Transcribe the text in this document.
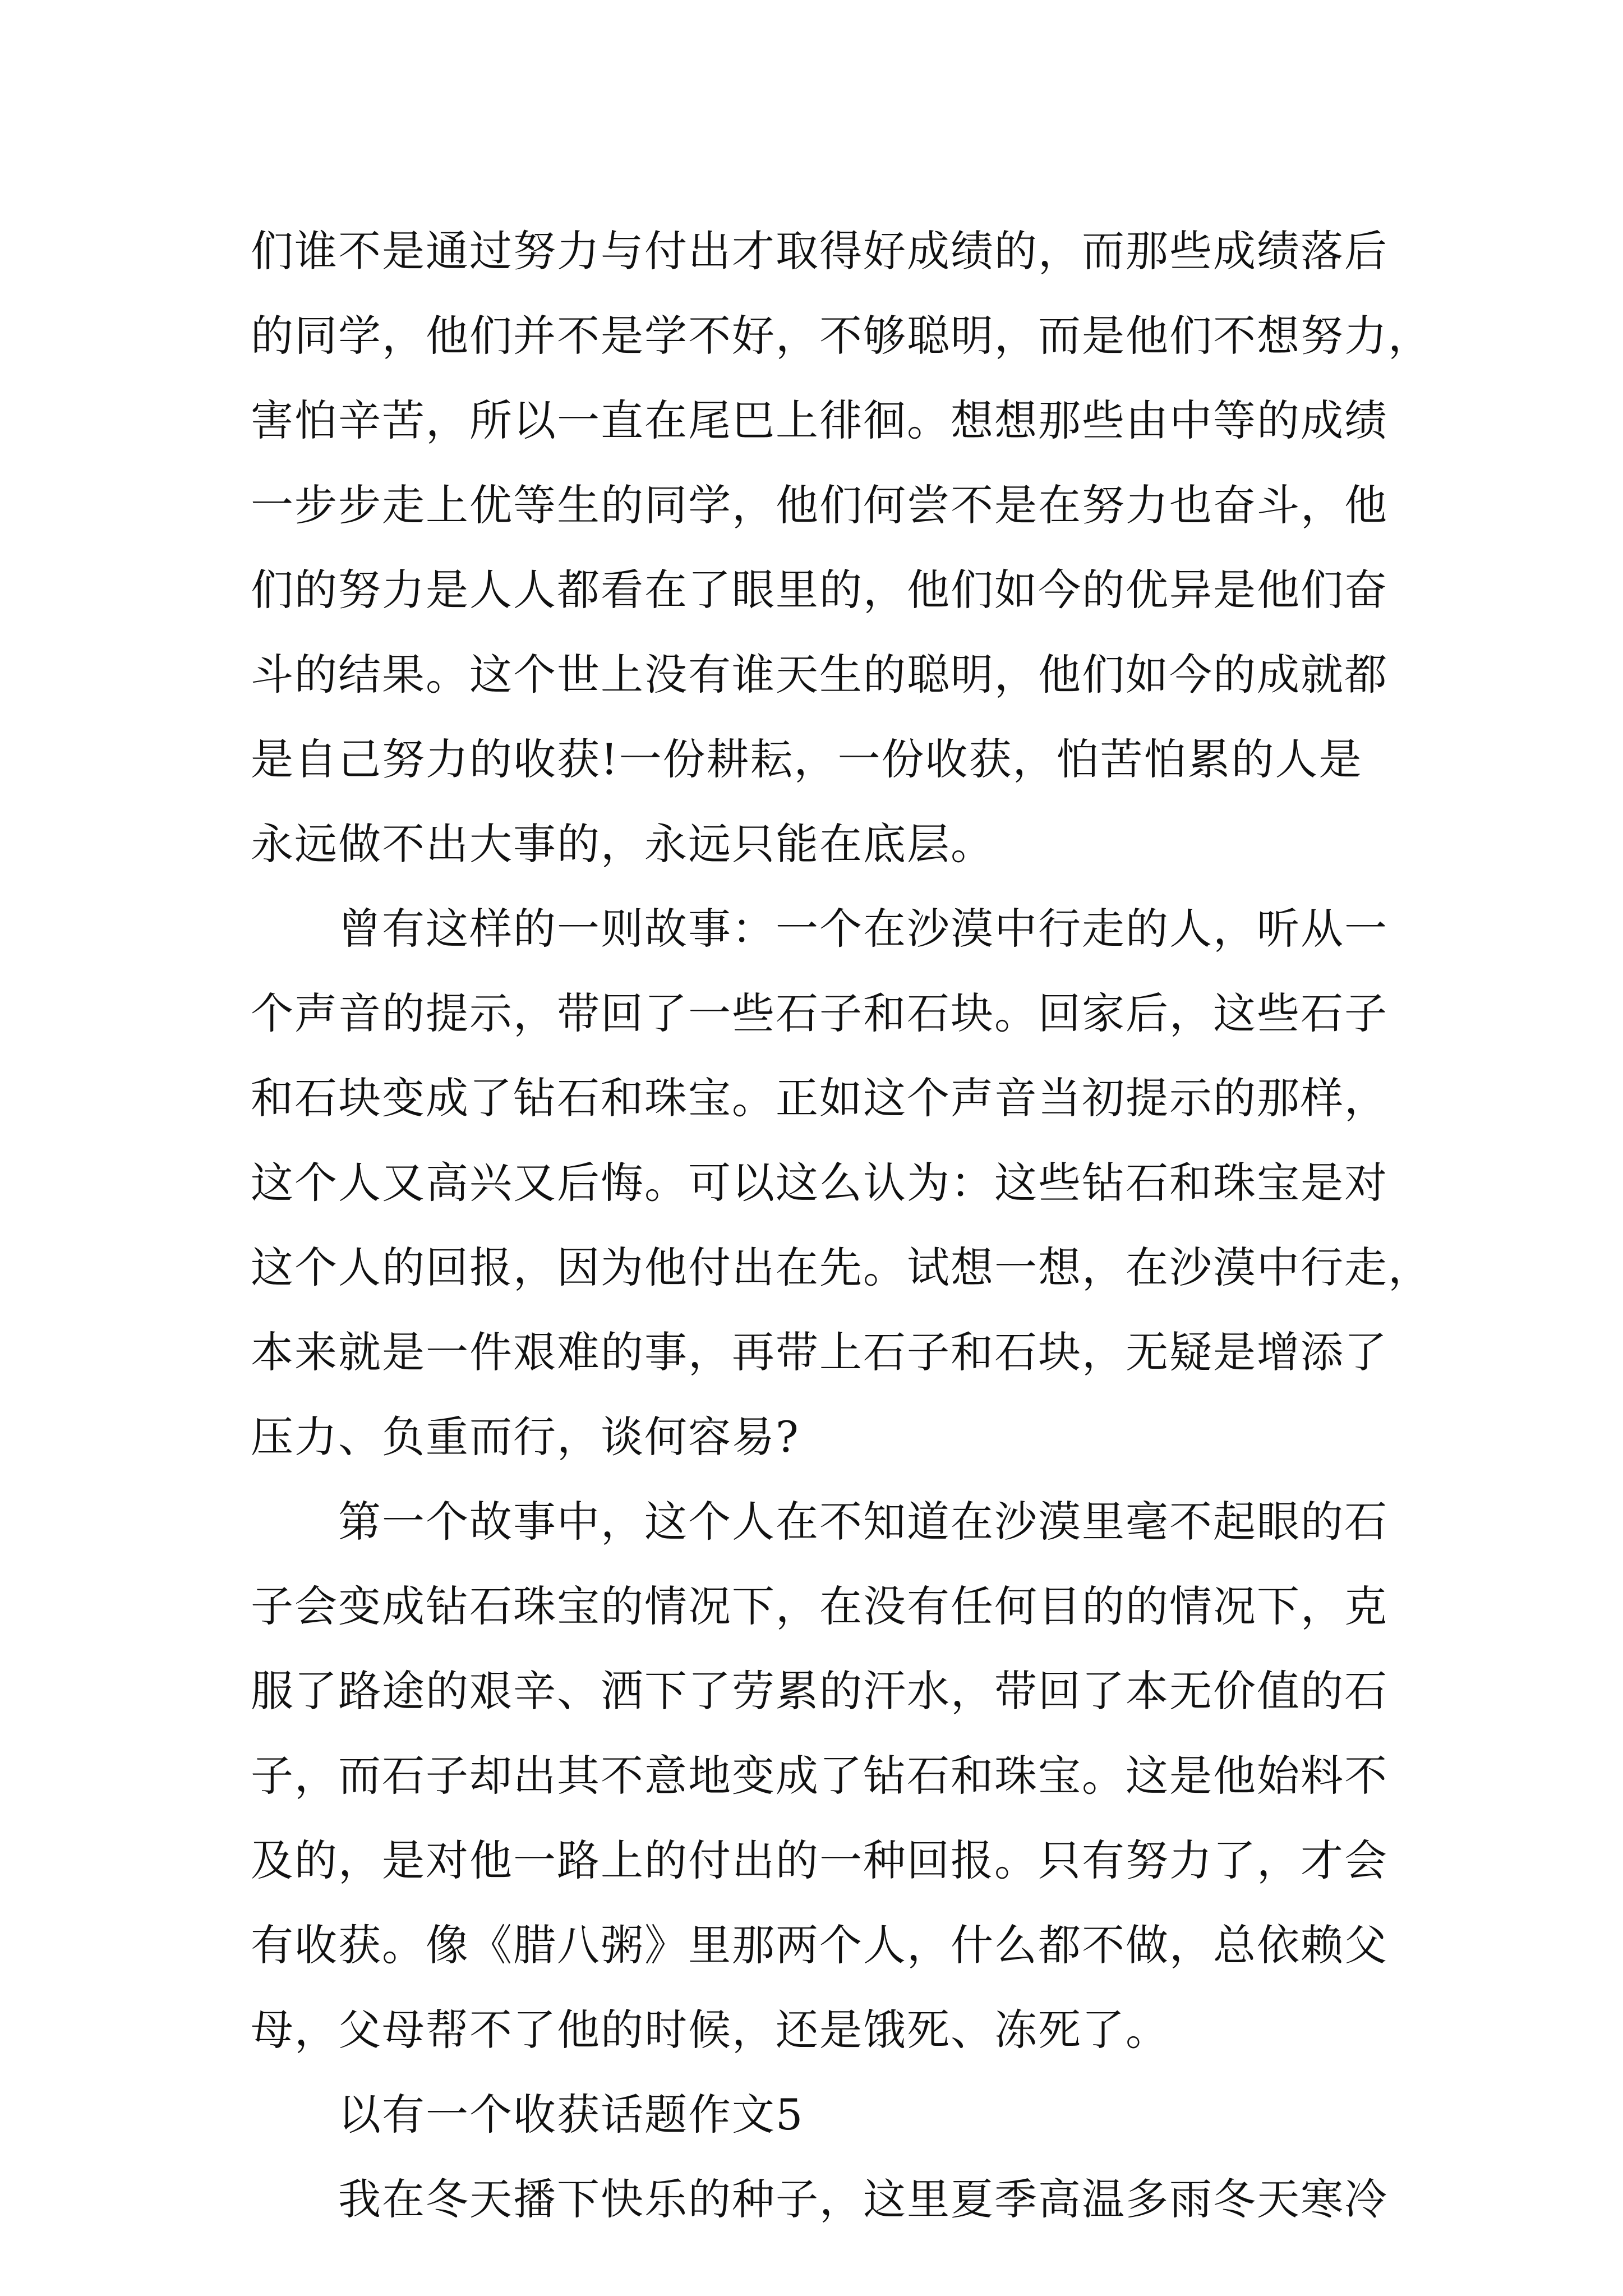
们谁不是通过努力与付出才取得好成绩的，而那些成绩落后
的同学，他们并不是学不好，不够聪明，而是他们不想努力，
害怕辛苦，所以一直在尾巴上徘徊。想想那些由中等的成绩
一步步走上优等生的同学，他们何尝不是在努力也奋斗，他
们的努力是人人都看在了眼里的，他们如今的优异是他们奋
斗的结果。这个世上没有谁天生的聪明，他们如今的成就都
是自己努力的收获!一份耕耘，一份收获，怕苦怕累的人是
永远做不出大事的，永远只能在底层。
曾有这样的一则故事：一个在沙漠中行走的人，听从一
个声音的提示，带回了一些石子和石块。回家后，这些石子
和石块变成了钻石和珠宝。正如这个声音当初提示的那样，
这个人又高兴又后悔。可以这么认为：这些钻石和珠宝是对
这个人的回报，因为他付出在先。试想一想，在沙漠中行走，
本来就是一件艰难的事，再带上石子和石块，无疑是增添了
压力、负重而行，谈何容易?
第一个故事中，这个人在不知道在沙漠里毫不起眼的石
子会变成钻石珠宝的情况下，在没有任何目的的情况下，克
服了路途的艰辛、洒下了劳累的汗水，带回了本无价值的石
子，而石子却出其不意地变成了钻石和珠宝。这是他始料不
及的，是对他一路上的付出的一种回报。只有努力了，才会
有收获。像《腊八粥》里那两个人，什么都不做，总依赖父
母，父母帮不了他的时候，还是饿死、冻死了。
以有一个收获话题作文5
我在冬天播下快乐的种子，这里夏季高温多雨冬天寒冷
